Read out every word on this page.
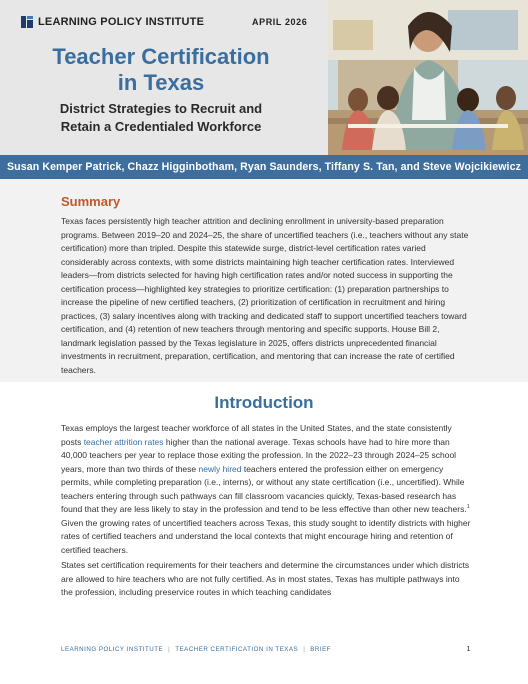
LEARNING POLICY INSTITUTE	APRIL 2026
Teacher Certification
in Texas
District Strategies to Recruit and
Retain a Credentialed Workforce
Susan Kemper Patrick, Chazz Higginbotham, Ryan Saunders, Tiffany S. Tan, and Steve Wojcikiewicz
Summary

Texas faces persistently high teacher attrition and declining enrollment in university-based preparation programs. Between 2019–20 and 2024–25, the share of uncertified teachers (i.e., teachers without any state certification) more than tripled. Despite this statewide surge, district-level certification rates varied considerably across contexts, with some districts maintaining high teacher certification rates. Interviewed leaders—from districts selected for having high certification rates and/or noted success in supporting the certification process—highlighted key strategies to prioritize certification: (1) preparation partnerships to increase the pipeline of new certified teachers, (2) prioritization of certification in recruitment and hiring practices, (3) salary incentives along with tracking and dedicated staff to support uncertified teachers toward certification, and (4) retention of new teachers through mentoring and specific supports. House Bill 2, landmark legislation passed by the Texas legislature in 2025, offers districts unprecedented financial investments in recruitment, preparation, certification, and mentoring that can increase the rate of certified teachers.

Introduction

Texas employs the largest teacher workforce of all states in the United States, and the state consistently posts teacher attrition rates higher than the national average. Texas schools have had to hire more than 40,000 teachers per year to replace those exiting the profession. In the 2022–23 through 2024–25 school years, more than two thirds of these newly hired teachers entered the profession either on emergency permits, while completing preparation (i.e., interns), or without any state certification (i.e., uncertified). While teachers entering through such pathways can fill classroom vacancies quickly, Texas-based research has found that they are less likely to stay in the profession and tend to be less effective than other new teachers.$^1$ Given the growing rates of uncertified teachers across Texas, this study sought to identify districts with higher rates of certified teachers and understand the local contexts that might encourage hiring and retention of certified teachers.

States set certification requirements for their teachers and determine the circumstances under which districts are allowed to hire teachers who are not fully certified. As in most states, Texas has multiple pathways into the profession, including preservice routes in which teaching candidates

LEARNING POLICY INSTITUTE | TEACHER CERTIFICATION IN TEXAS | BRIEF	1
